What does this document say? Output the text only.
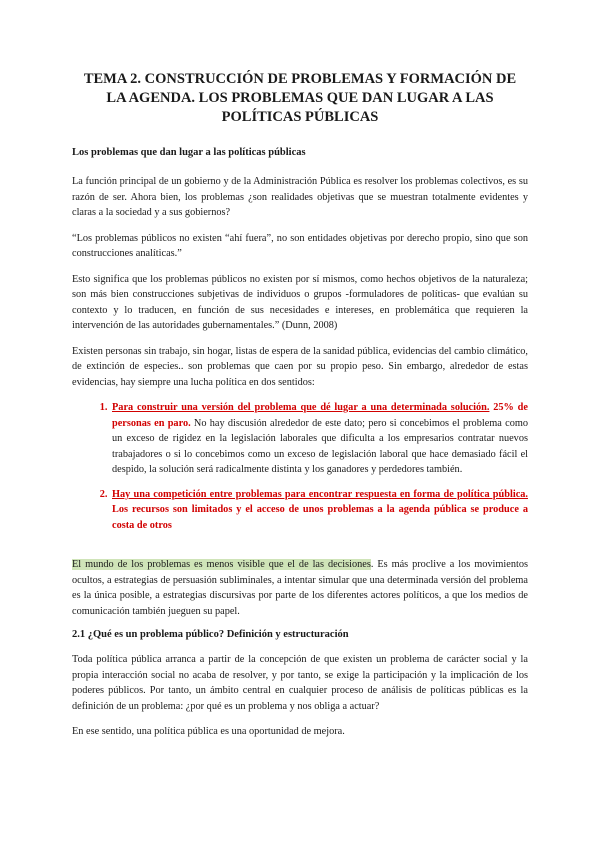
TEMA 2. CONSTRUCCIÓN DE PROBLEMAS Y FORMACIÓN DE LA AGENDA. LOS PROBLEMAS QUE DAN LUGAR A LAS POLÍTICAS PÚBLICAS
Los problemas que dan lugar a las políticas públicas

La función principal de un gobierno y de la Administración Pública es resolver los problemas colectivos, es su razón de ser. Ahora bien, los problemas ¿son realidades objetivas que se muestran totalmente evidentes y claras a la sociedad y a sus gobiernos?

“Los problemas públicos no existen “ahí fuera”, no son entidades objetivas por derecho propio, sino que son construcciones analíticas.”

Esto significa que los problemas públicos no existen por sí mismos, como hechos objetivos de la naturaleza; son más bien construcciones subjetivas de individuos o grupos -formuladores de políticas- que evalúan su contexto y lo traducen, en función de sus necesidades e intereses, en problemática que requieren la intervención de las autoridades gubernamentales.” (Dunn, 2008)

Existen personas sin trabajo, sin hogar, listas de espera de la sanidad pública, evidencias del cambio climático, de extinción de especies.. son problemas que caen por su propio peso. Sin embargo, alrededor de estas evidencias, hay siempre una lucha política en dos sentidos:

1. Para construir una versión del problema que dé lugar a una determinada solución. 25% de personas en paro. No hay discusión alrededor de este dato; pero si concebimos el problema como un exceso de rigidez en la legislación laborales que dificulta a los empresarios contratar nuevos trabajadores o si lo concebimos como un exceso de legislación laboral que hace demasiado fácil el despido, la solución será radicalmente distinta y los ganadores y perdedores también.
2. Hay una competición entre problemas para encontrar respuesta en forma de política pública. Los recursos son limitados y el acceso de unos problemas a la agenda pública se produce a costa de otros

El mundo de los problemas es menos visible que el de las decisiones. Es más proclive a los movimientos ocultos, a estrategias de persuasión subliminales, a intentar simular que una determinada versión del problema es la única posible, a estrategias discursivas por parte de los diferentes actores políticos, a que los medios de comunicación también jueguen su papel.

2.1 ¿Qué es un problema público? Definición y estructuración

Toda política pública arranca a partir de la concepción de que existen un problema de carácter social y la propia interacción social no acaba de resolver, y por tanto, se exige la participación y la implicación de los poderes públicos. Por tanto, un ámbito central en cualquier proceso de análisis de políticas públicas es la definición de un problema: ¿por qué es un problema y nos obliga a actuar?

En ese sentido, una política pública es una oportunidad de mejora.
